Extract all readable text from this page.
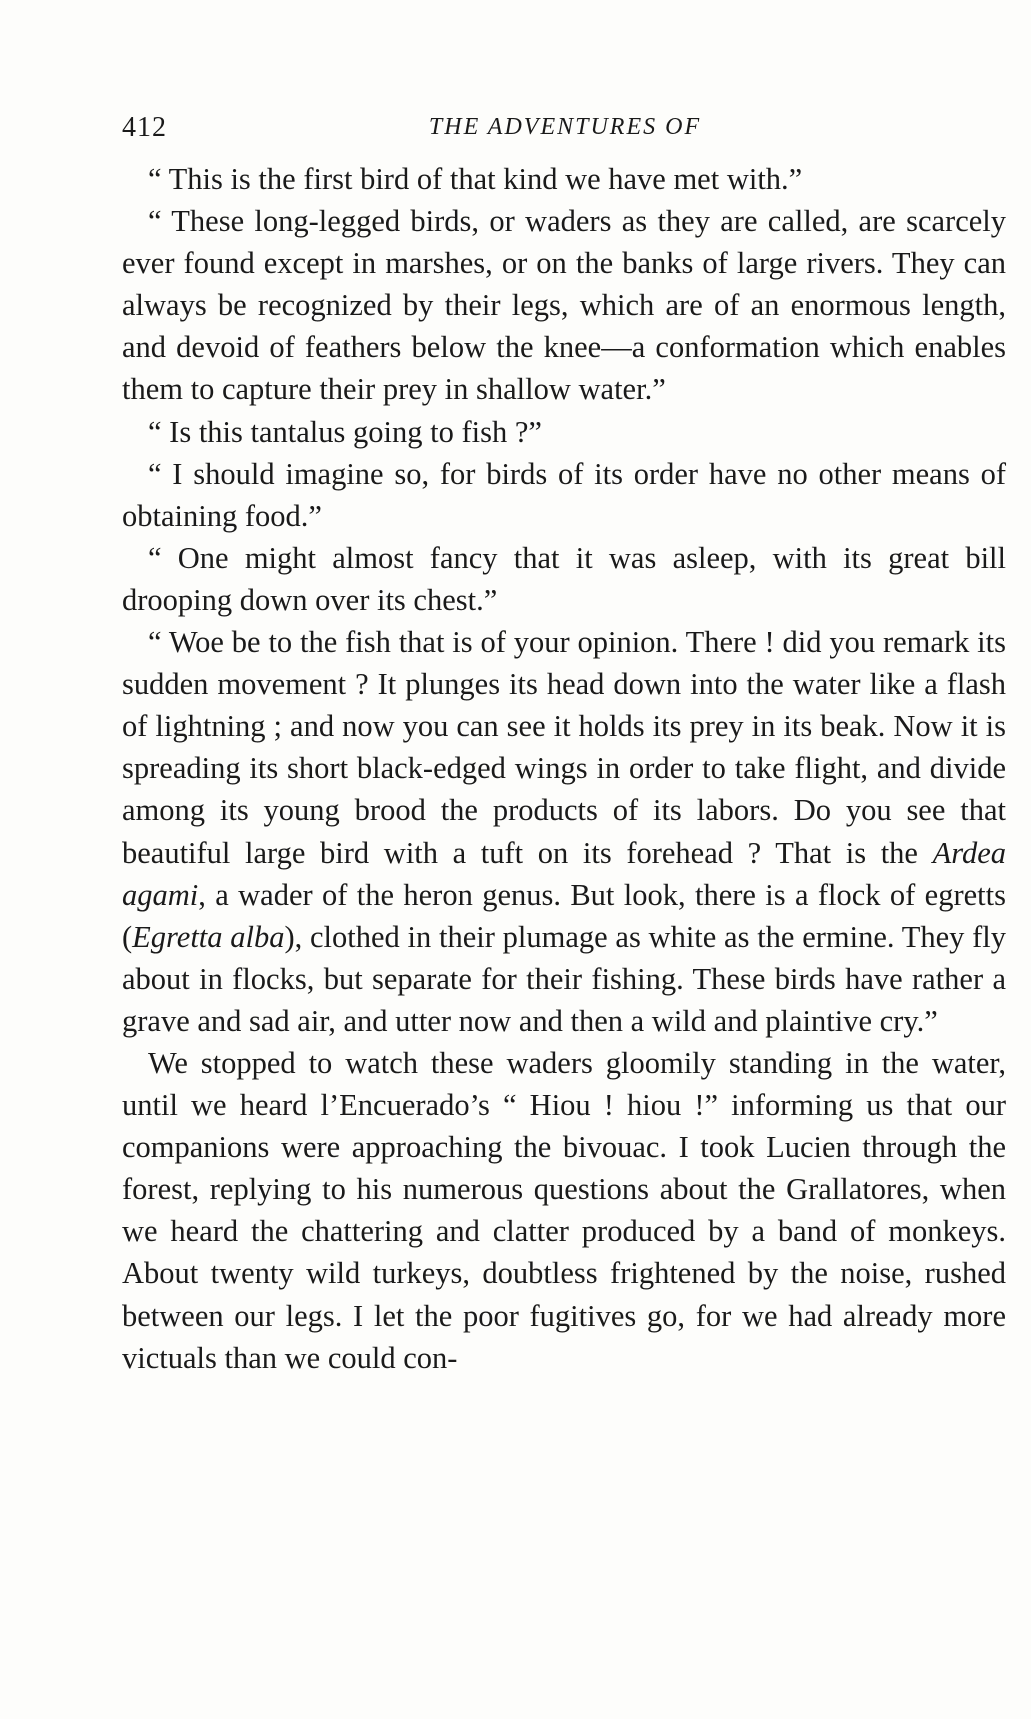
412	THE ADVENTURES OF

“ This is the first bird of that kind we have met with.”

“ These long-legged birds, or waders as they are called, are scarcely ever found except in marshes, or on the banks of large rivers. They can always be recognized by their legs, which are of an enormous length, and devoid of feathers below the knee—a conformation which enables them to capture their prey in shallow water.”

“ Is this tantalus going to fish ?”

“ I should imagine so, for birds of its order have no other means of obtaining food.”

“ One might almost fancy that it was asleep, with its great bill drooping down over its chest.”

“ Woe be to the fish that is of your opinion. There ! did you remark its sudden movement ? It plunges its head down into the water like a flash of lightning ; and now you can see it holds its prey in its beak. Now it is spreading its short black-edged wings in order to take flight, and divide among its young brood the products of its labors. Do you see that beautiful large bird with a tuft on its forehead ? That is the Ardea agami, a wader of the heron genus. But look, there is a flock of egretts (Egretta alba), clothed in their plumage as white as the ermine. They fly about in flocks, but separate for their fishing. These birds have rather a grave and sad air, and utter now and then a wild and plaintive cry.”

We stopped to watch these waders gloomily standing in the water, until we heard l’Encuerado’s “ Hiou ! hiou !” informing us that our companions were approaching the bivouac. I took Lucien through the forest, replying to his numerous questions about the Grallatores, when we heard the chattering and clatter produced by a band of monkeys. About twenty wild turkeys, doubtless frightened by the noise, rushed between our legs. I let the poor fugitives go, for we had already more victuals than we could con-
